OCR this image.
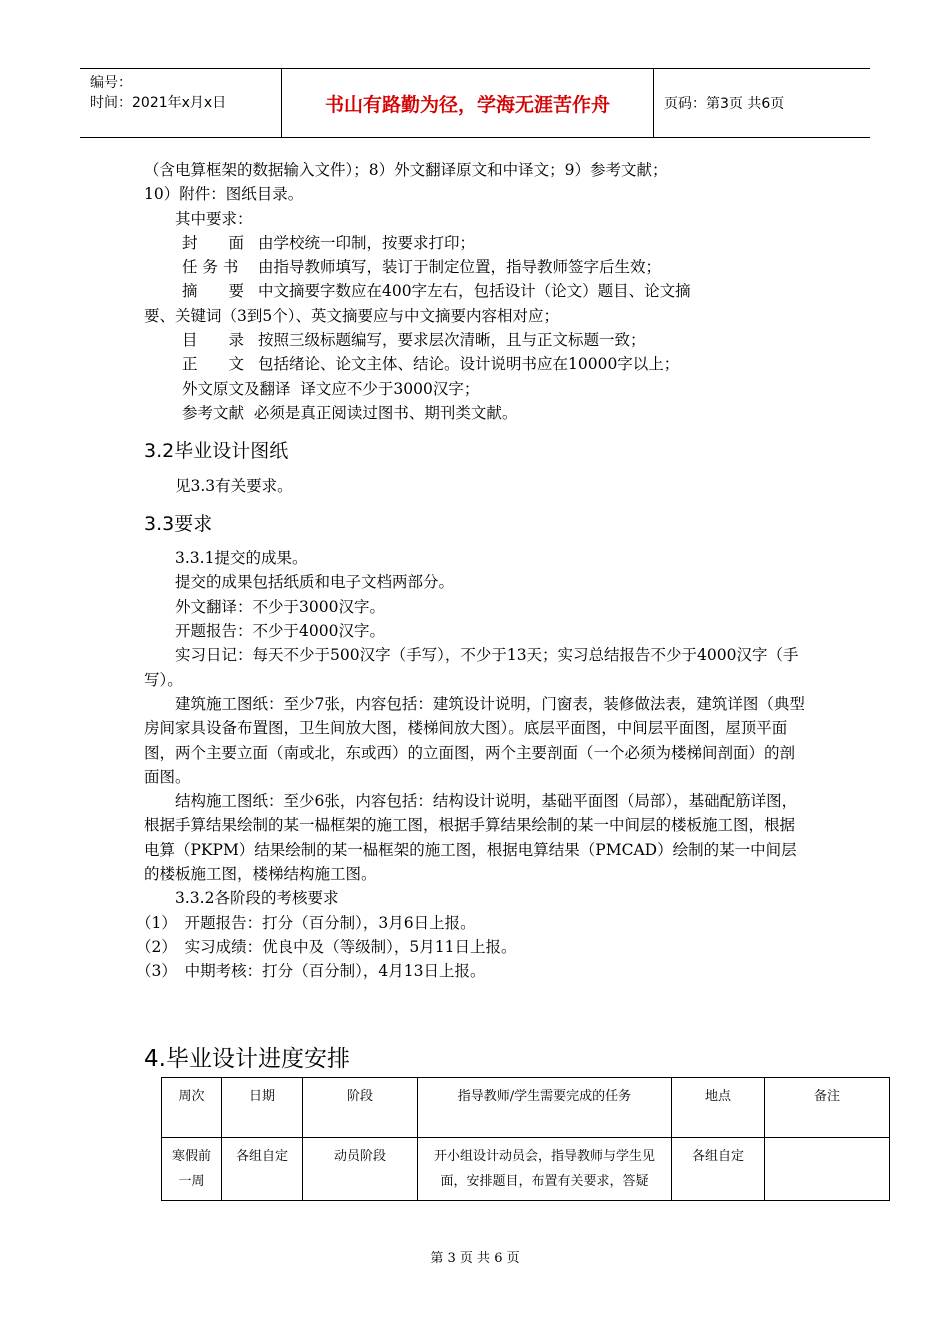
编号：
时间：2021年x月x日	书山有路勤为径，学海无涯苦作舟	页码：第3页 共6页

（含电算框架的数据输入文件）；8）外文翻译原文和中译文；9）参考文献；

10）附件：图纸目录。

其中要求：

封　　面 由学校统一印制，按要求打印；

任 务 书 由指导教师填写，装订于制定位置，指导教师签字后生效；

摘　　要 中文摘要字数应在400字左右，包括设计（论文）题目、论文摘

要、关键词（3到5个）、英文摘要应与中文摘要内容相对应；

目　　录 按照三级标题编写，要求层次清晰，且与正文标题一致；

正　　文 包括绪论、论文主体、结论。设计说明书应在10000字以上；

外文原文及翻译 译文应不少于3000汉字；

参考文献 必须是真正阅读过图书、期刊类文献。

3.2毕业设计图纸

见3.3有关要求。

3.3要求

3.3.1提交的成果。

提交的成果包括纸质和电子文档两部分。

外文翻译：不少于3000汉字。

开题报告：不少于4000汉字。

实习日记：每天不少于500汉字（手写），不少于13天；实习总结报告不少于4000汉字（手写）。

建筑施工图纸：至少7张，内容包括：建筑设计说明，门窗表，装修做法表，建筑详图（典型房间家具设备布置图，卫生间放大图，楼梯间放大图）。底层平面图，中间层平面图，屋顶平面图，两个主要立面（南或北，东或西）的立面图，两个主要剖面（一个必须为楼梯间剖面）的剖面图。

结构施工图纸：至少6张，内容包括：结构设计说明，基础平面图（局部），基础配筋详图，根据手算结果绘制的某一榀框架的施工图，根据手算结果绘制的某一中间层的楼板施工图，根据电算（PKPM）结果绘制的某一榀框架的施工图，根据电算结果（PMCAD）绘制的某一中间层的楼板施工图，楼梯结构施工图。

3.3.2各阶段的考核要求

（1）　开题报告：打分（百分制），3月6日上报。

（2）　实习成绩：优良中及（等级制），5月11日上报。

（3）　中期考核：打分（百分制），4月13日上报。

4.毕业设计进度安排
周次	日期	阶段	指导教师/学生需要完成的任务	地点	备注
寒假前一周	各组自定	动员阶段	开小组设计动员会，指导教师与学生见面，安排题目，布置有关要求，答疑	各组自定	
第 3 页 共 6 页
